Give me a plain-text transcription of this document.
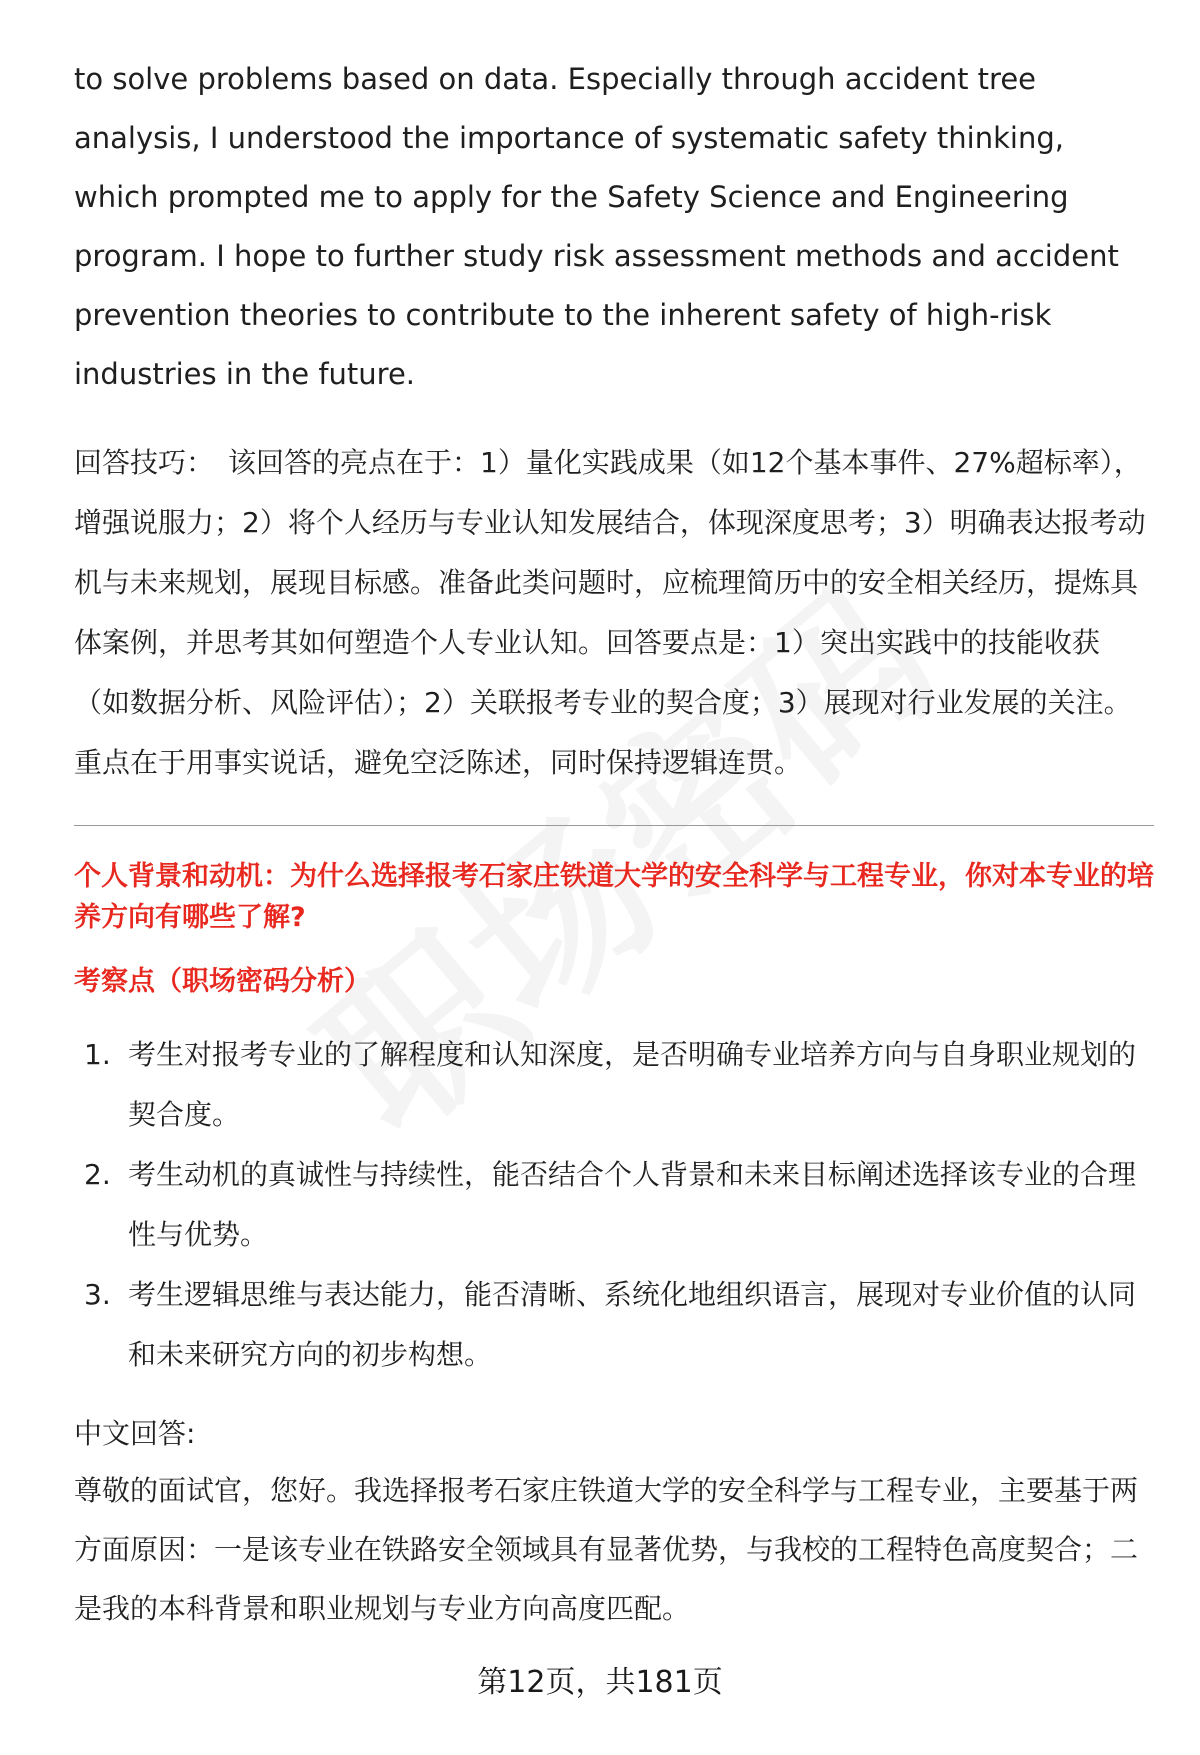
to solve problems based on data. Especially through accident tree analysis, I understood the importance of systematic safety thinking, which prompted me to apply for the Safety Science and Engineering program. I hope to further study risk assessment methods and accident prevention theories to contribute to the inherent safety of high-risk industries in the future.

回答技巧： 该回答的亮点在于：1）量化实践成果（如12个基本事件、27%超标率），增强说服力；2）将个人经历与专业认知发展结合，体现深度思考；3）明确表达报考动机与未来规划，展现目标感。准备此类问题时，应梳理简历中的安全相关经历，提炼具体案例，并思考其如何塑造个人专业认知。回答要点是：1）突出实践中的技能收获（如数据分析、风险评估）；2）关联报考专业的契合度；3）展现对行业发展的关注。重点在于用事实说话，避免空泛陈述，同时保持逻辑连贯。
个人背景和动机：为什么选择报考石家庄铁道大学的安全科学与工程专业，你对本专业的培养方向有哪些了解?
考察点（职场密码分析）
1. 考生对报考专业的了解程度和认知深度，是否明确专业培养方向与自身职业规划的契合度。
2. 考生动机的真诚性与持续性，能否结合个人背景和未来目标阐述选择该专业的合理性与优势。
3. 考生逻辑思维与表达能力，能否清晰、系统化地组织语言，展现对专业价值的认同和未来研究方向的初步构想。
中文回答:
尊敬的面试官，您好。我选择报考石家庄铁道大学的安全科学与工程专业，主要基于两方面原因：一是该专业在铁路安全领域具有显著优势，与我校的工程特色高度契合；二是我的本科背景和职业规划与专业方向高度匹配。
第12页，共181页
